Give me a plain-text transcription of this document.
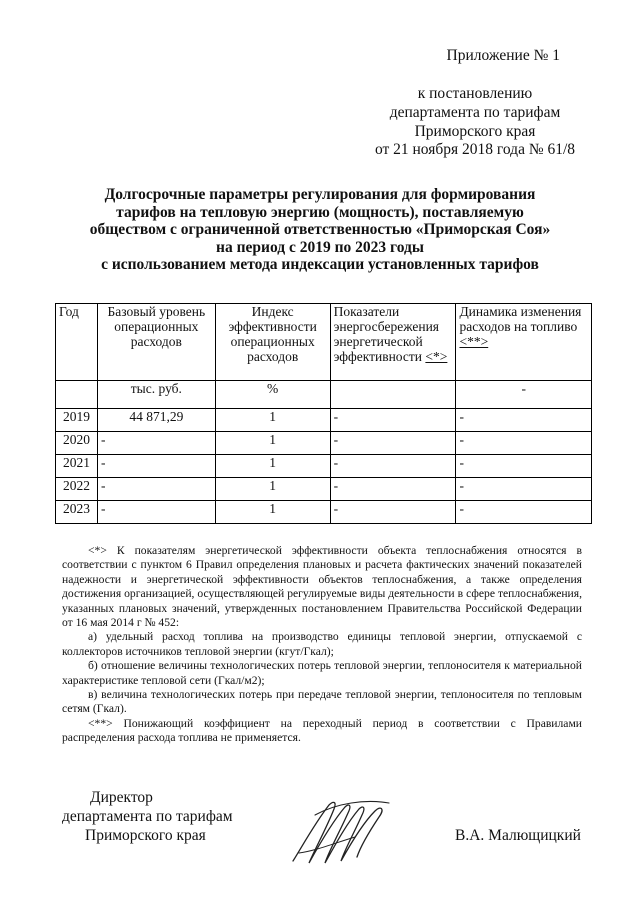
Приложение № 1
к постановлению
департамента по тарифам
Приморского края
от 21 ноября 2018 года № 61/8
Долгосрочные параметры регулирования для формирования
тарифов на тепловую энергию (мощность), поставляемую
обществом с ограниченной ответственностью «Приморская Соя»
на период с 2019 по 2023 годы
с использованием метода индексации установленных тарифов
Год	Базовый уровень операционных расходов	Индекс эффективности операционных расходов	Показатели энергосбережения энергетической эффективности <*>	Динамика изменения расходов на топливо <**>
	тыс. руб.	%		-
2019	44 871,29	1	-	-
2020	-	1	-	-
2021	-	1	-	-
2022	-	1	-	-
2023	-	1	-	-

<*> К показателям энергетической эффективности объекта теплоснабжения относятся в соответствии с пунктом 6 Правил определения плановых и расчета фактических значений показателей надежности и энергетической эффективности объектов теплоснабжения, а также определения достижения организацией, осуществляющей регулируемые виды деятельности в сфере теплоснабжения, указанных плановых значений, утвержденных постановлением Правительства Российской Федерации от 16 мая 2014 г № 452:

а) удельный расход топлива на производство единицы тепловой энергии, отпускаемой с коллекторов источников тепловой энергии (кгут/Гкал);

б) отношение величины технологических потерь тепловой энергии, теплоносителя к материальной характеристике тепловой сети (Гкал/м2);

в) величина технологических потерь при передаче тепловой энергии, теплоносителя по тепловым сетям (Гкал).

<**> Понижающий коэффициент на переходный период в соответствии с Правилами распределения расхода топлива не применяется.

Директор
департамента по тарифам
Приморского края	В.А. Малющицкий
